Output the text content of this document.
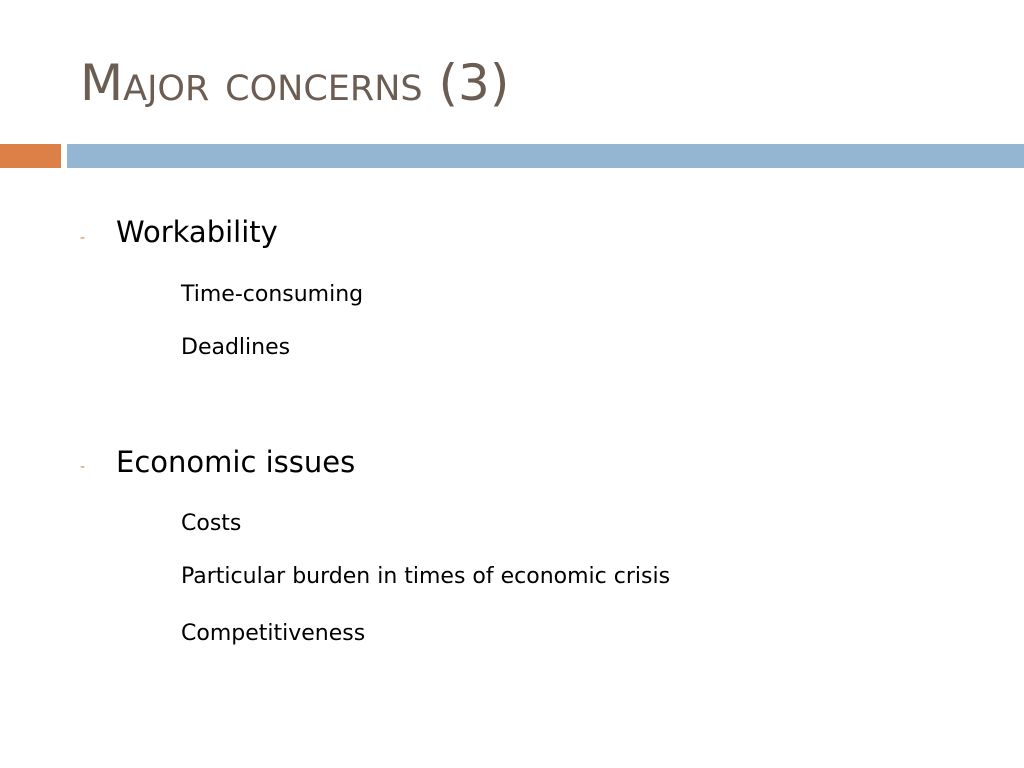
Major concerns (3)
- Workability

Time-consuming

Deadlines

- Economic issues

Costs

Particular burden in times of economic crisis

Competitiveness
